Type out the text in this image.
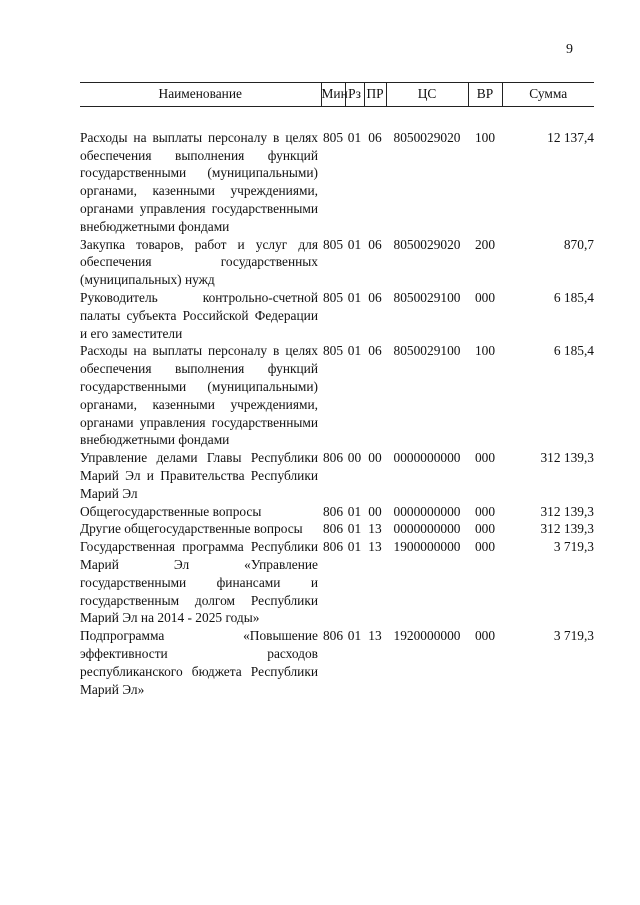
9
Наименование	Мин	Рз	ПР	ЦС	ВР	Сумма

Расходы на выплаты персоналу в целях обеспечения выполнения функций государственными (муниципальными) органами, казенными учреждениями, органами управления государственными внебюджетными фондами	805	01	06	8050029020	100	12 137,4
Закупка товаров, работ и услуг для обеспечения государственных (муниципальных) нужд	805	01	06	8050029020	200	870,7
Руководитель контрольно-счетной палаты субъекта Российской Федерации и его заместители	805	01	06	8050029100	000	6 185,4
Расходы на выплаты персоналу в целях обеспечения выполнения функций государственными (муниципальными) органами, казенными учреждениями, органами управления государственными внебюджетными фондами	805	01	06	8050029100	100	6 185,4
Управление делами Главы Республики Марий Эл и Правительства Республики Марий Эл	806	00	00	0000000000	000	312 139,3
Общегосударственные вопросы	806	01	00	0000000000	000	312 139,3
Другие общегосударственные вопросы	806	01	13	0000000000	000	312 139,3
Государственная программа Республики Марий Эл «Управление государственными финансами и государственным долгом Республики Марий Эл на 2014 - 2025 годы»	806	01	13	1900000000	000	3 719,3
Подпрограмма «Повышение эффективности расходов республиканского бюджета Республики Марий Эл»	806	01	13	1920000000	000	3 719,3
